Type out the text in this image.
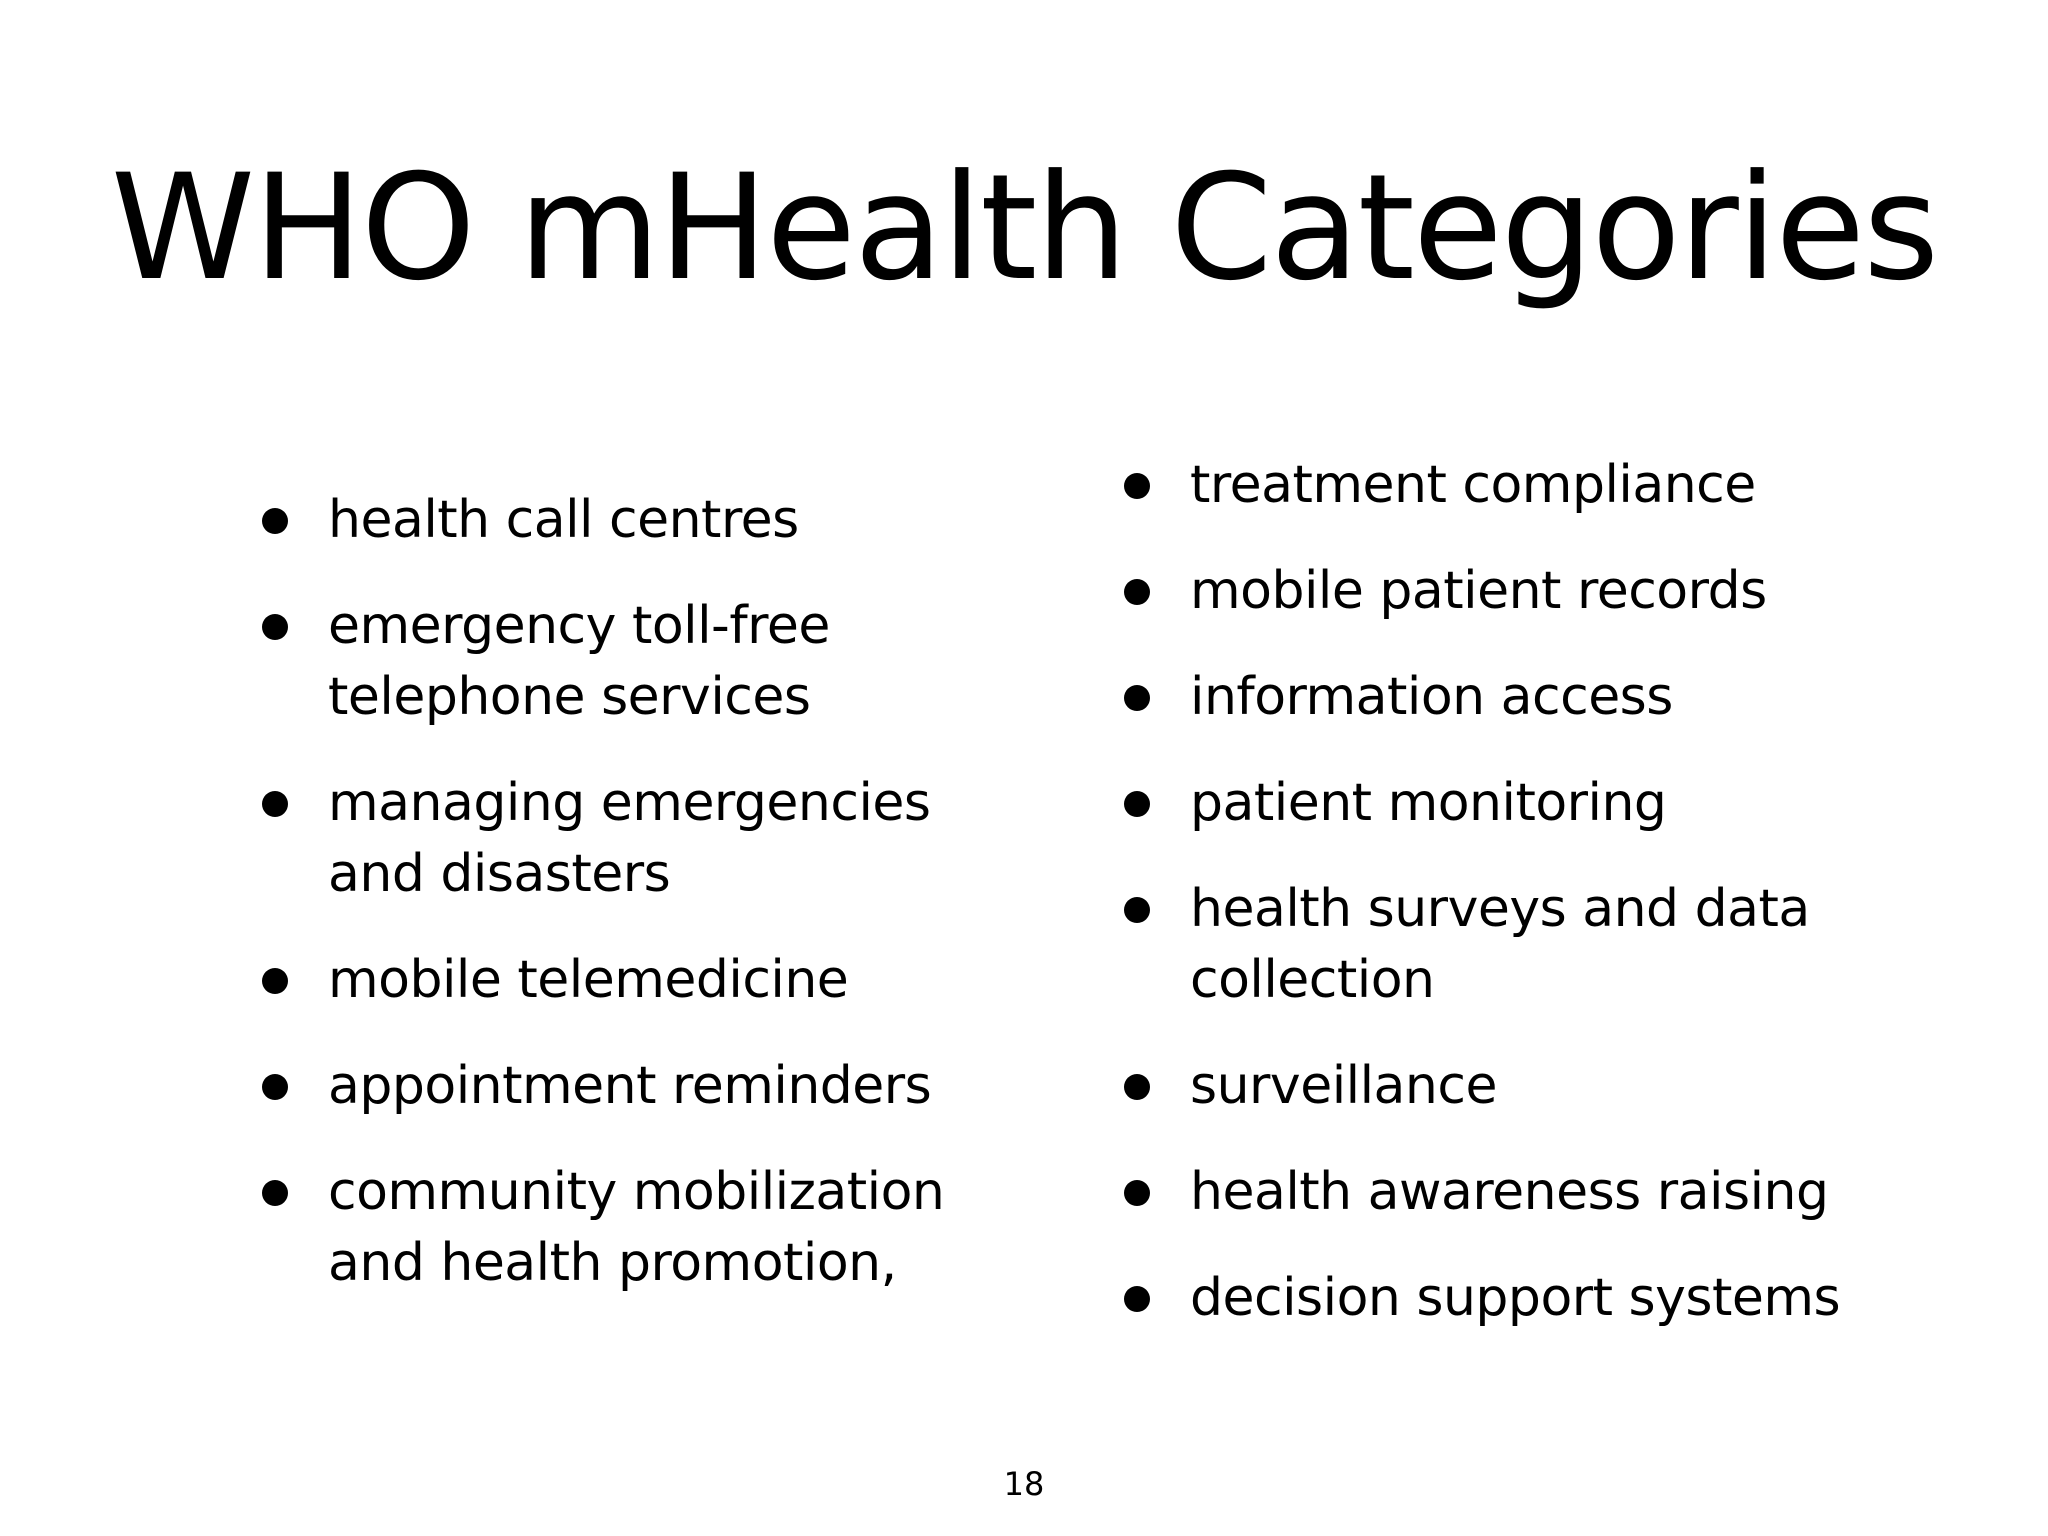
WHO mHealth Categories
health call centres
emergency toll-free telephone services
managing emergencies and disasters
mobile telemedicine
appointment reminders
community mobilization and health promotion,
treatment compliance
mobile patient records
information access
patient monitoring
health surveys and data collection
surveillance
health awareness raising
decision support systems
18
